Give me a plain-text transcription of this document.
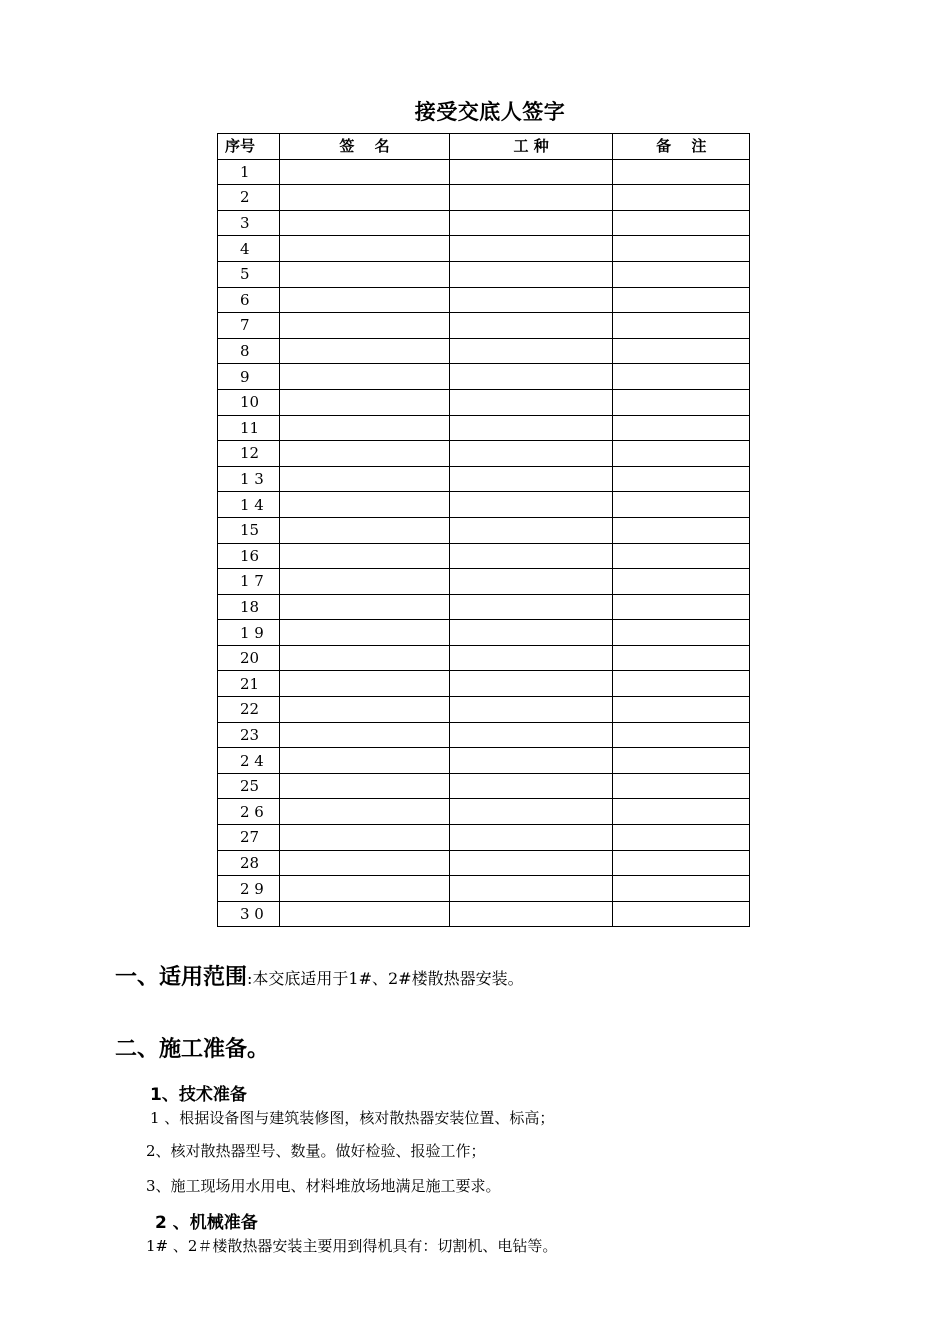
接受交底人签字
序号	签　 名	工 种	备　 注
1			
2			
3			
4			
5			
6			
7			
8			
9			
10			
11			
12			
1 3			
1 4			
15			
16			
1 7			
18			
1 9			
20			
21			
22			
23			
2 4			
25			
2 6			
27			
28			
2 9			
3 0			
一、适用范围:本交底适用于1#、2#楼散热器安装。
二、施工准备。
1、技术准备
1 、根据设备图与建筑装修图，核对散热器安装位置、标高；
2、核对散热器型号、数量。做好检验、报验工作；
3、施工现场用水用电、材料堆放场地满足施工要求。
2 、机械准备
1# 、2＃楼散热器安装主要用到得机具有：切割机、电钻等。
